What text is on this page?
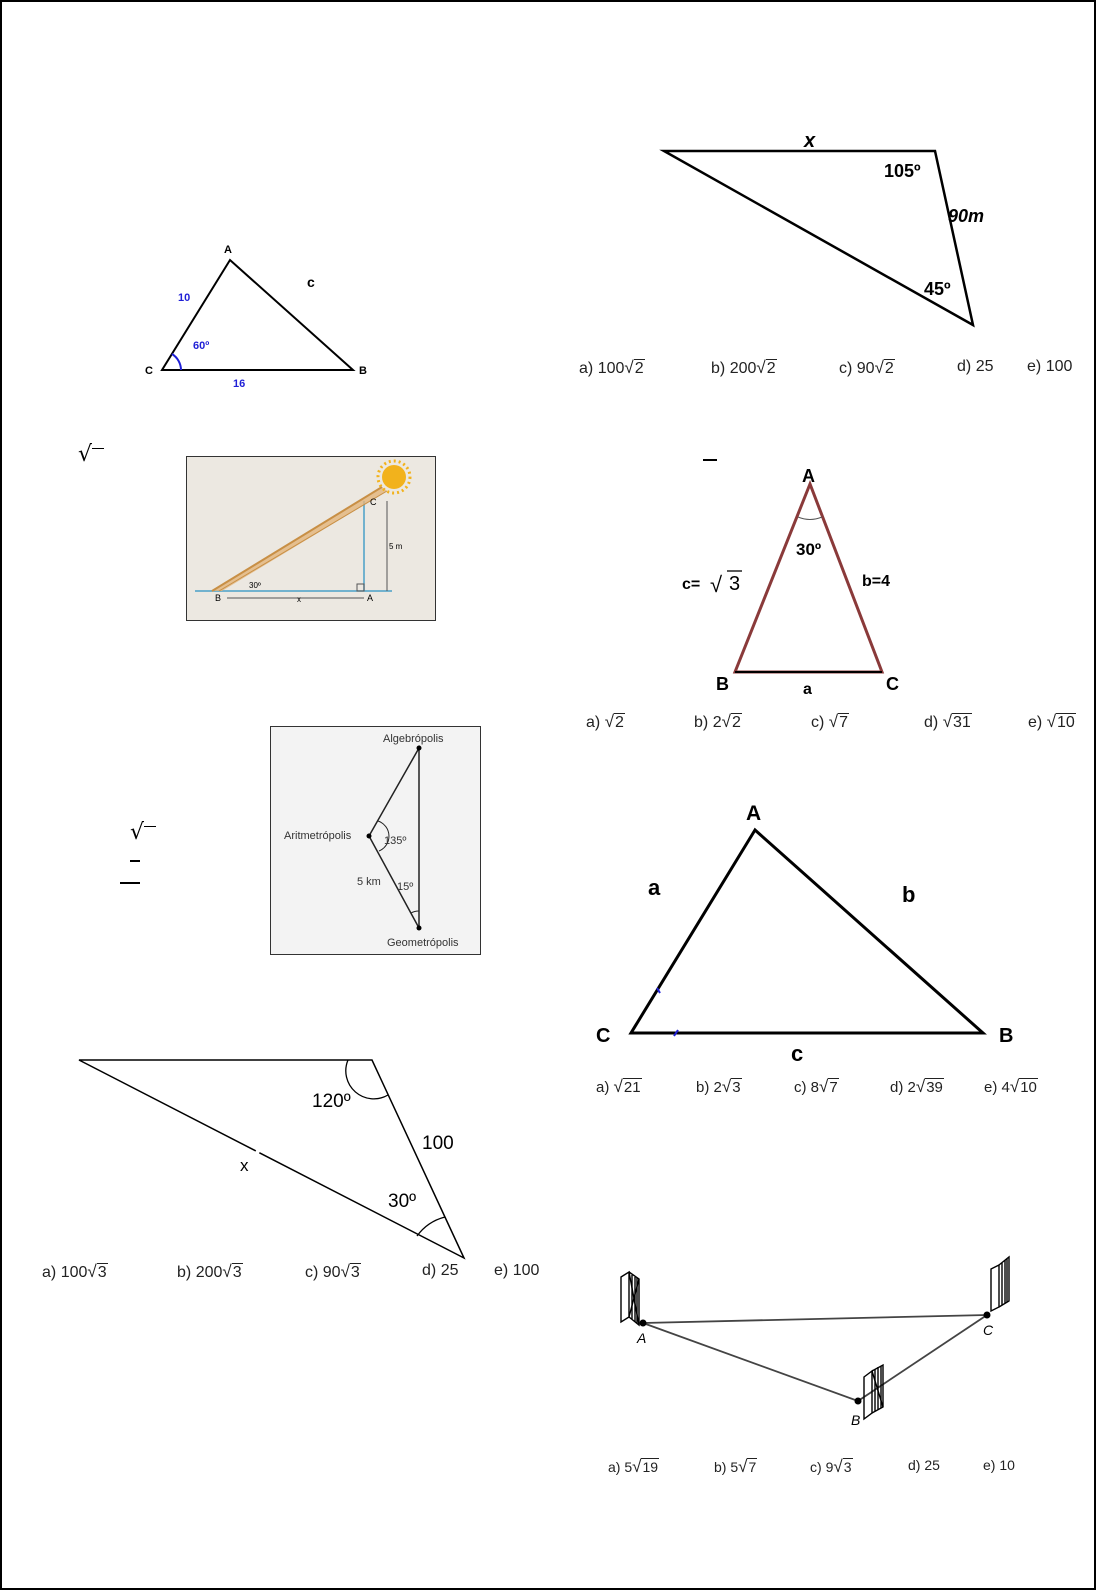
A
C	B
10
16
c
60º
x
105º
90m
45º
a) 100√2	b) 200√2	c) 90√2	d) 25 e) 100
√
C
B	A
5 m
30º
x
A
B	C
30º
c= √ 3	b=4
a
a) √2	b) 2√2	c) √7	d) √31	e) √10
√
Algebrópolis
Aritmetrópolis
Geometrópolis
135º
15º
5 km
A
C	B
a	b
c
a) √21	b) 2√3	c) 8√7	d) 2√39	e) 4√10
120º
100
30º
x
a) 100√3	b) 200√3	c) 90√3	d) 25 e) 100
A	C
B
a) 5√19	b) 5√7	c) 9√3	d) 25	e) 10
